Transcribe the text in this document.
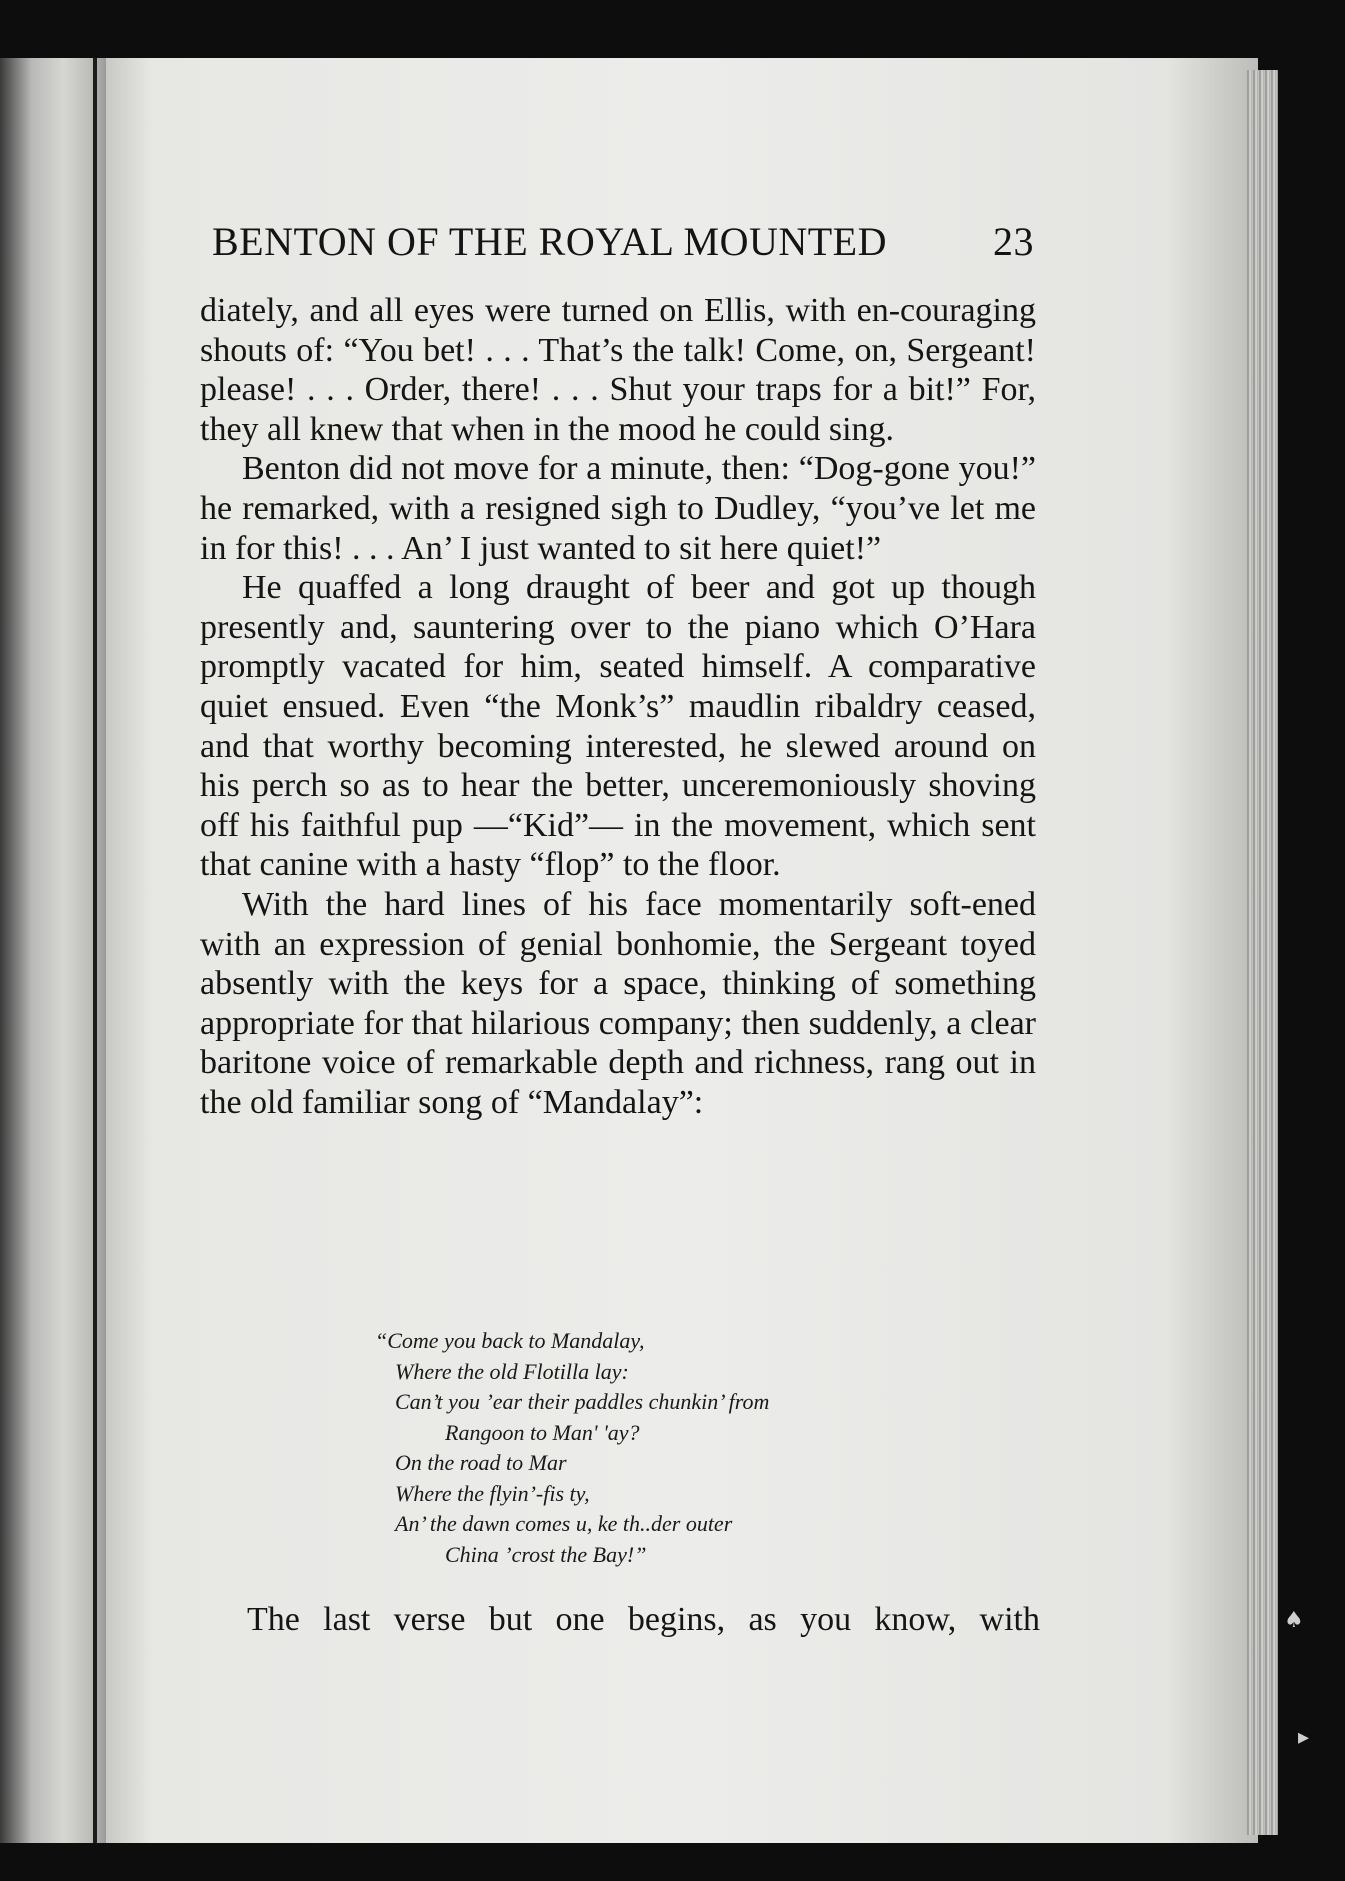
BENTON OF THE ROYAL MOUNTED	23

diately, and all eyes were turned on Ellis, with en-couraging shouts of: “You bet! . . . That’s the talk! Come, on, Sergeant! please! . . . Order, there! . . . Shut your traps for a bit!” For, they all knew that when in the mood he could sing.

Benton did not move for a minute, then: “Dog-gone you!” he remarked, with a resigned sigh to Dudley, “you’ve let me in for this! . . . An’ I just wanted to sit here quiet!”

He quaffed a long draught of beer and got up though presently and, sauntering over to the piano which O’Hara promptly vacated for him, seated himself. A comparative quiet ensued. Even “the Monk’s” maudlin ribaldry ceased, and that worthy becoming interested, he slewed around on his perch so as to hear the better, unceremoniously shoving off his faithful pup —“Kid”— in the movement, which sent that canine with a hasty “flop” to the floor.

With the hard lines of his face momentarily soft-ened with an expression of genial bonhomie, the Sergeant toyed absently with the keys for a space, thinking of something appropriate for that hilarious company; then suddenly, a clear baritone voice of remarkable depth and richness, rang out in the old familiar song of “Mandalay”:

“Come you back to Mandalay,
Where the old Flotilla lay:
Can’t you ’ear their paddles chunkin’ from
Rangoon to Man' 'ay?
On the road to Mar
Where the flyin’-fis ty,
An’ the dawn comes u, ke th..der outer
China ’crost the Bay!”
The last verse but one begins, as you know, with	♠
▸
